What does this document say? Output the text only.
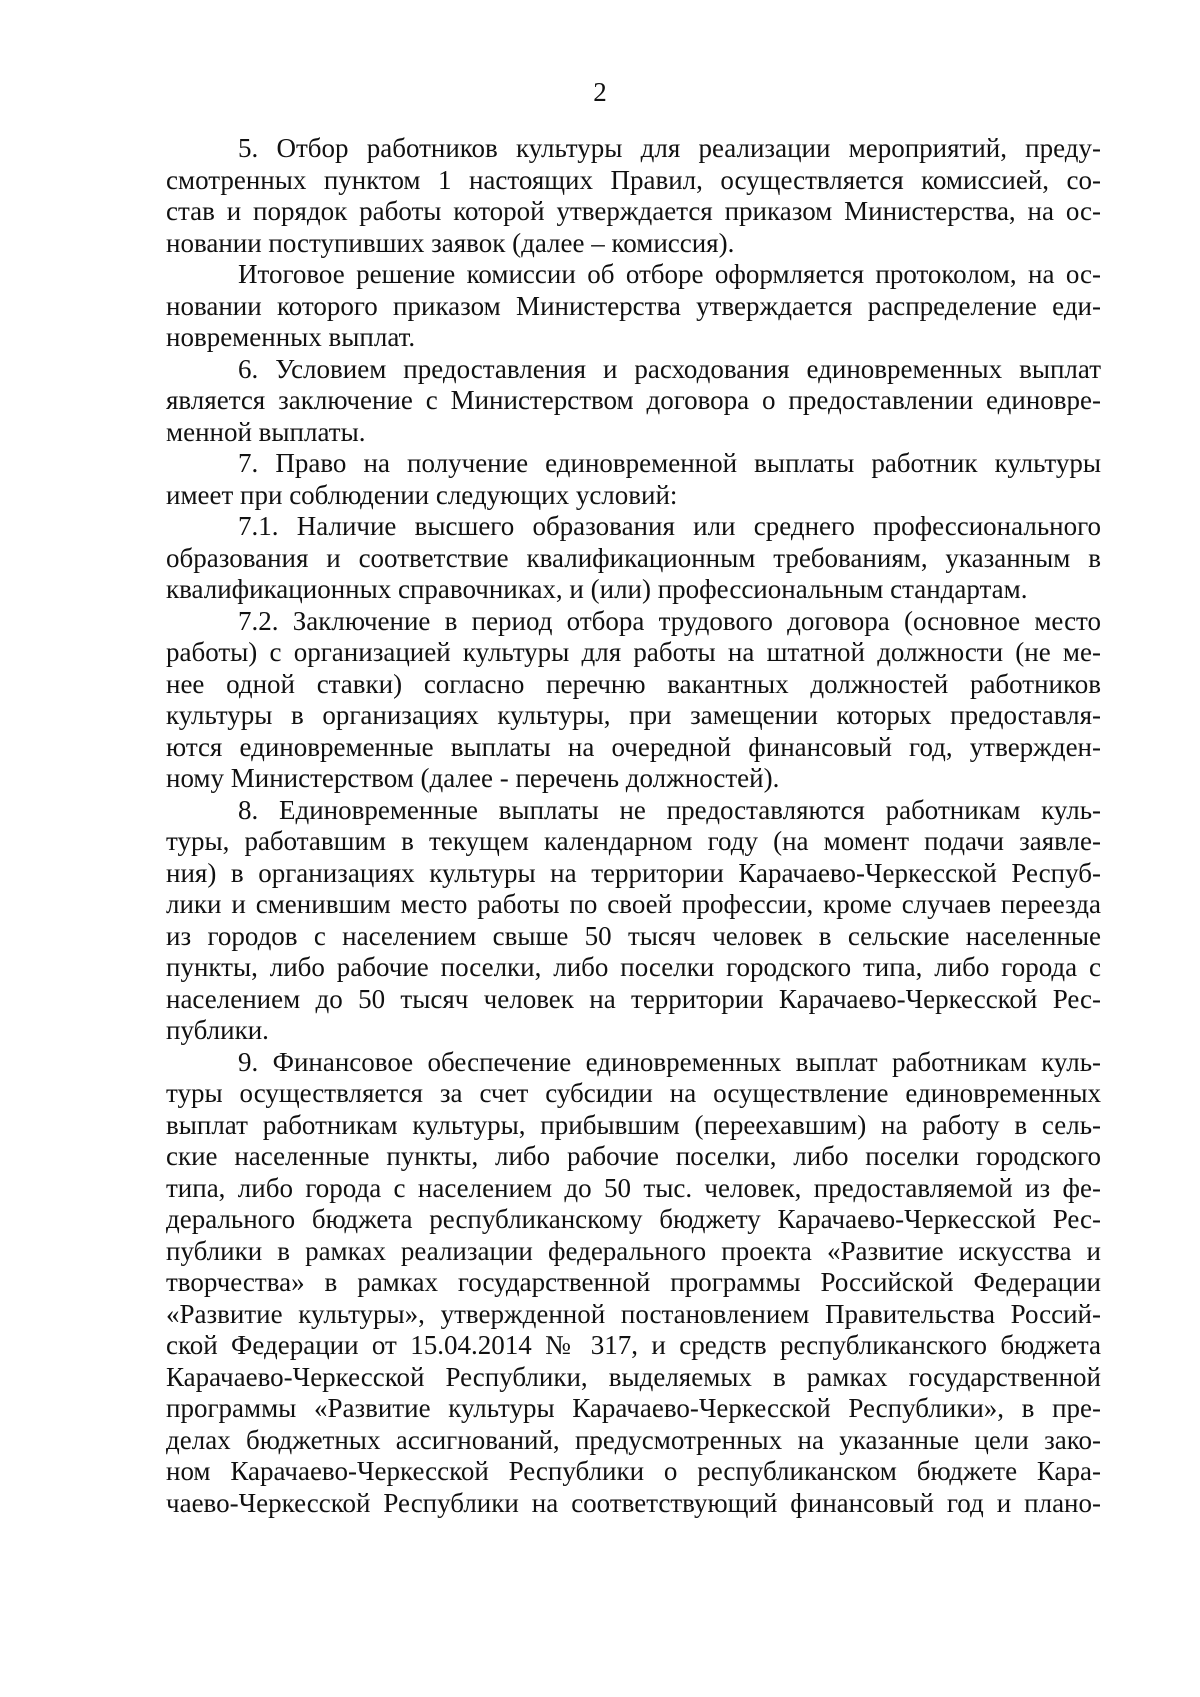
2
5. Отбор работников культуры для реализации мероприятий, преду-
смотренных пунктом 1 настоящих Правил, осуществляется комиссией, со-
став и порядок работы которой утверждается приказом Министерства, на ос-
новании поступивших заявок (далее – комиссия).
Итоговое решение комиссии об отборе оформляется протоколом, на ос-
новании которого приказом Министерства утверждается распределение еди-
новременных выплат.
6. Условием предоставления и расходования единовременных выплат
является заключение с Министерством договора о предоставлении единовре-
менной выплаты.
7. Право на получение единовременной выплаты работник культуры
имеет при соблюдении следующих условий:
7.1. Наличие высшего образования или среднего профессионального
образования и соответствие квалификационным требованиям, указанным в
квалификационных справочниках, и (или) профессиональным стандартам.
7.2. Заключение в период отбора трудового договора (основное место
работы) с организацией культуры для работы на штатной должности (не ме-
нее одной ставки) согласно перечню вакантных должностей работников
культуры в организациях культуры, при замещении которых предоставля-
ются единовременные выплаты на очередной финансовый год, утвержден-
ному Министерством (далее - перечень должностей).
8. Единовременные выплаты не предоставляются работникам куль-
туры, работавшим в текущем календарном году (на момент подачи заявле-
ния) в организациях культуры на территории Карачаево-Черкесской Респуб-
лики и сменившим место работы по своей профессии, кроме случаев переезда
из городов с населением свыше 50 тысяч человек в сельские населенные
пункты, либо рабочие поселки, либо поселки городского типа, либо города с
населением до 50 тысяч человек на территории Карачаево-Черкесской Рес-
публики.
9. Финансовое обеспечение единовременных выплат работникам куль-
туры осуществляется за счет субсидии на осуществление единовременных
выплат работникам культуры, прибывшим (переехавшим) на работу в сель-
ские населенные пункты, либо рабочие поселки, либо поселки городского
типа, либо города с населением до 50 тыс. человек, предоставляемой из фе-
дерального бюджета республиканскому бюджету Карачаево-Черкесской Рес-
публики в рамках реализации федерального проекта «Развитие искусства и
творчества» в рамках государственной программы Российской Федерации
«Развитие культуры», утвержденной постановлением Правительства Россий-
ской Федерации от 15.04.2014 № 317, и средств республиканского бюджета
Карачаево-Черкесской Республики, выделяемых в рамках государственной
программы «Развитие культуры Карачаево-Черкесской Республики», в пре-
делах бюджетных ассигнований, предусмотренных на указанные цели зако-
ном Карачаево-Черкесской Республики о республиканском бюджете Кара-
чаево-Черкесской Республики на соответствующий финансовый год и плано-
